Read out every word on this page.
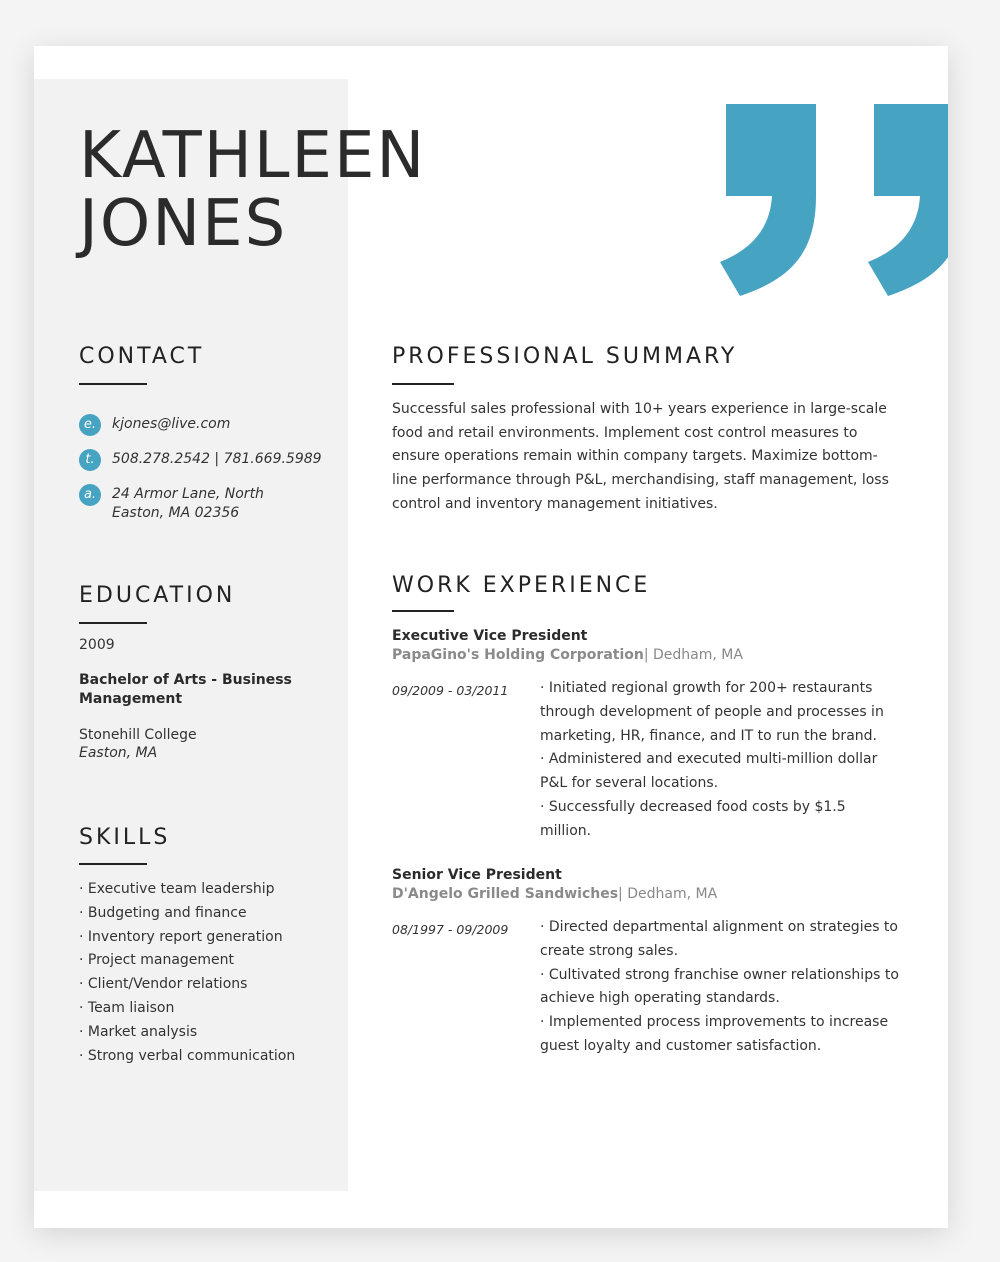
KATHLEEN
JONES
CONTACT
e.	kjones@live.com
t.	508.278.2542 | 781.669.5989
a.	24 Armor Lane, North
Easton, MA 02356
EDUCATION
2009
Bachelor of Arts - Business
Management
Stonehill College
Easton, MA
SKILLS
· Executive team leadership
· Budgeting and finance
· Inventory report generation
· Project management
· Client/Vendor relations
· Team liaison
· Market analysis
· Strong verbal communication
PROFESSIONAL SUMMARY

Successful sales professional with 10+ years experience in large-scale food and retail environments. Implement cost control measures to ensure operations remain within company targets. Maximize bottom-line performance through P&L, merchandising, staff management, loss control and inventory management initiatives.

WORK EXPERIENCE
Executive Vice President
PapaGino's Holding Corporation| Dedham, MA
09/2009 - 03/2011 · Initiated regional growth for 200+ restaurants through development of people and processes in marketing, HR, finance, and IT to run the brand.
· Administered and executed multi-million dollar P&L for several locations.
· Successfully decreased food costs by $1.5 million.
Senior Vice President
D'Angelo Grilled Sandwiches| Dedham, MA
08/1997 - 09/2009 · Directed departmental alignment on strategies to create strong sales.
· Cultivated strong franchise owner relationships to achieve high operating standards.
· Implemented process improvements to increase guest loyalty and customer satisfaction.
